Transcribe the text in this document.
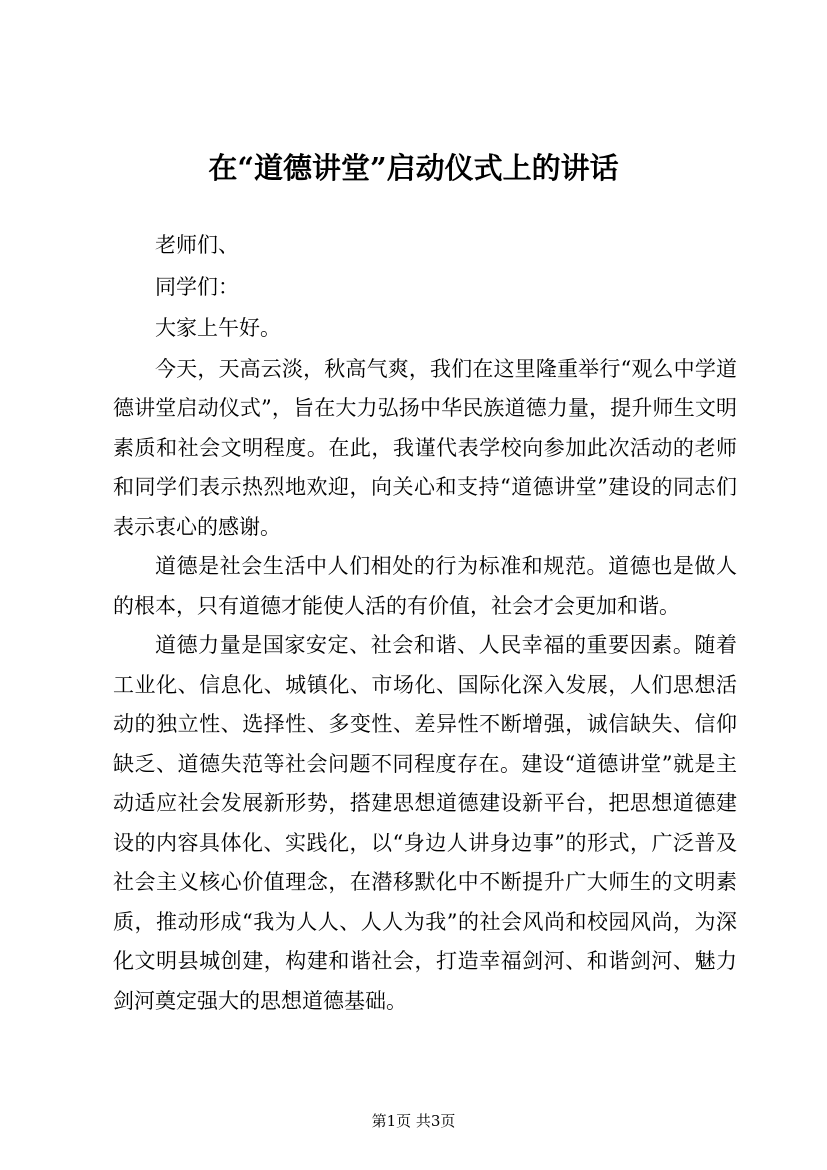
在“道德讲堂”启动仪式上的讲话

老师们、

同学们：

大家上午好。

今天，天高云淡，秋高气爽，我们在这里隆重举行“观么中学道德讲堂启动仪式”，旨在大力弘扬中华民族道德力量，提升师生文明素质和社会文明程度。在此，我谨代表学校向参加此次活动的老师和同学们表示热烈地欢迎，向关心和支持“道德讲堂”建设的同志们表示衷心的感谢。

道德是社会生活中人们相处的行为标准和规范。道德也是做人的根本，只有道德才能使人活的有价值，社会才会更加和谐。

道德力量是国家安定、社会和谐、人民幸福的重要因素。随着工业化、信息化、城镇化、市场化、国际化深入发展，人们思想活动的独立性、选择性、多变性、差异性不断增强，诚信缺失、信仰缺乏、道德失范等社会问题不同程度存在。建设“道德讲堂”就是主动适应社会发展新形势，搭建思想道德建设新平台，把思想道德建设的内容具体化、实践化，以“身边人讲身边事”的形式，广泛普及社会主义核心价值理念，在潜移默化中不断提升广大师生的文明素质，推动形成“我为人人、人人为我”的社会风尚和校园风尚，为深化文明县城创建，构建和谐社会，打造幸福剑河、和谐剑河、魅力剑河奠定强大的思想道德基础。

第1页 共3页
